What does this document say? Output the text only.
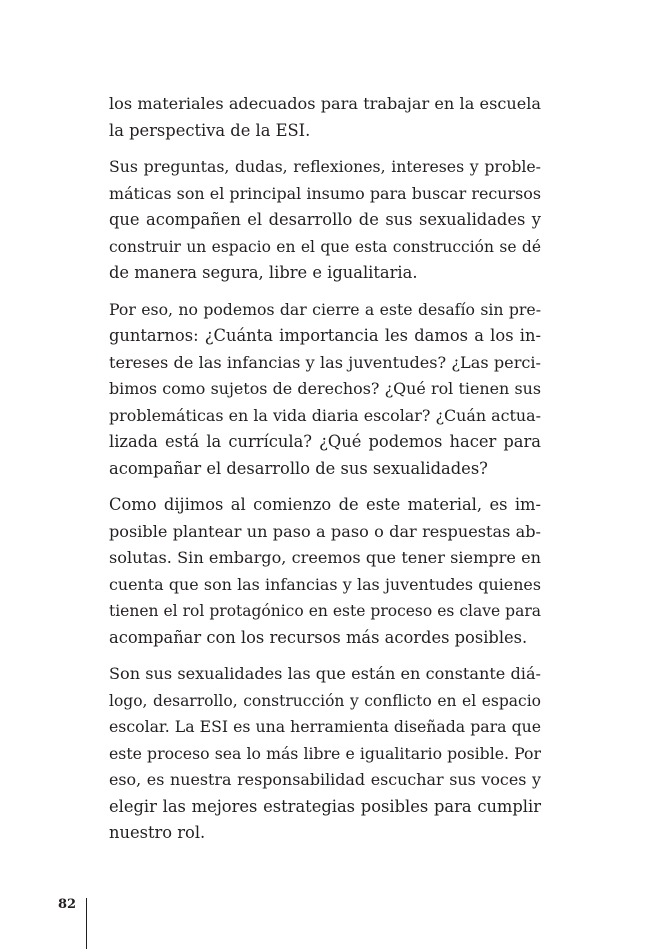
los materiales adecuados para trabajar en la escuela
la perspectiva de la ESI.
Sus preguntas, dudas, reflexiones, intereses y proble-
máticas son el principal insumo para buscar recursos
que acompañen el desarrollo de sus sexualidades y
construir un espacio en el que esta construcción se dé
de manera segura, libre e igualitaria.
Por eso, no podemos dar cierre a este desafío sin pre-
guntarnos: ¿Cuánta importancia les damos a los in-
tereses de las infancias y las juventudes? ¿Las perci-
bimos como sujetos de derechos? ¿Qué rol tienen sus
problemáticas en la vida diaria escolar? ¿Cuán actua-
lizada está la currícula? ¿Qué podemos hacer para
acompañar el desarrollo de sus sexualidades?
Como dijimos al comienzo de este material, es im-
posible plantear un paso a paso o dar respuestas ab-
solutas. Sin embargo, creemos que tener siempre en
cuenta que son las infancias y las juventudes quienes
tienen el rol protagónico en este proceso es clave para
acompañar con los recursos más acordes posibles.
Son sus sexualidades las que están en constante diá-
logo, desarrollo, construcción y conflicto en el espacio
escolar. La ESI es una herramienta diseñada para que
este proceso sea lo más libre e igualitario posible. Por
eso, es nuestra responsabilidad escuchar sus voces y
elegir las mejores estrategias posibles para cumplir
nuestro rol.
82
